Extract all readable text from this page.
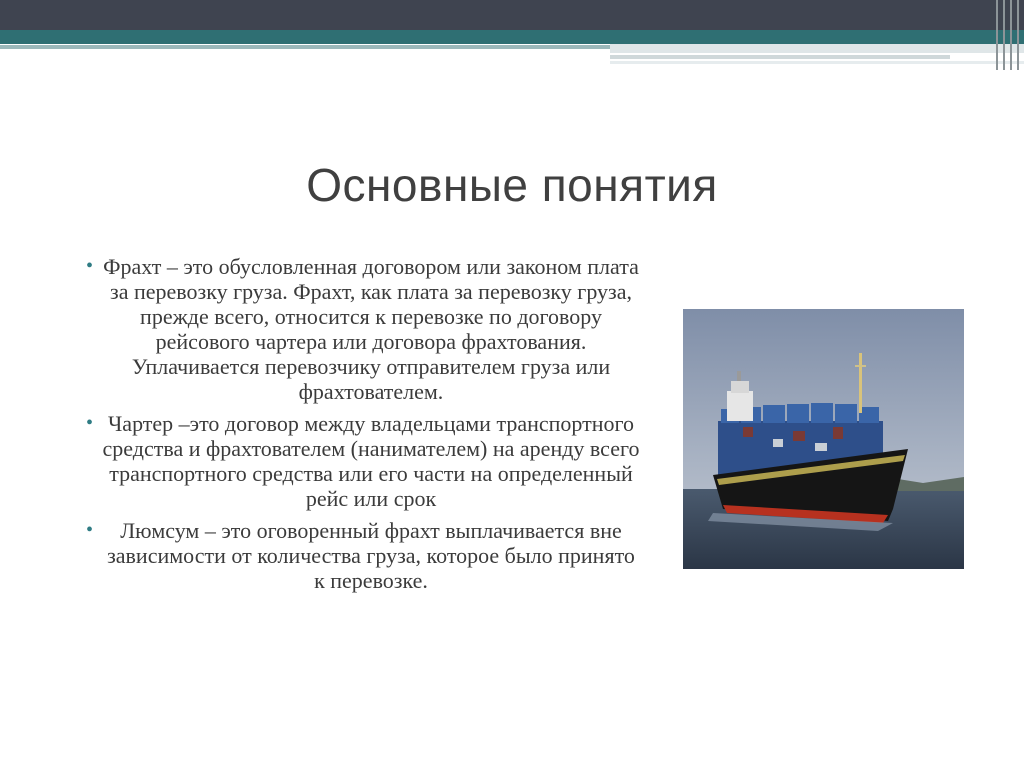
Основные понятия
• Фрахт – это обусловленная договором или законом плата за перевозку груза. Фрахт, как плата за перевозку груза, прежде всего, относится к перевозке по договору рейсового чартера или договора фрахтования. Уплачивается перевозчику отправителем груза или фрахтователем.
• Чартер –это договор между владельцами транспортного средства и фрахтователем (нанимателем) на аренду всего транспортного средства или его части на определенный рейс или срок
• Люмсум – это оговоренный фрахт выплачивается вне зависимости от количества груза, которое было принято к перевозке.
